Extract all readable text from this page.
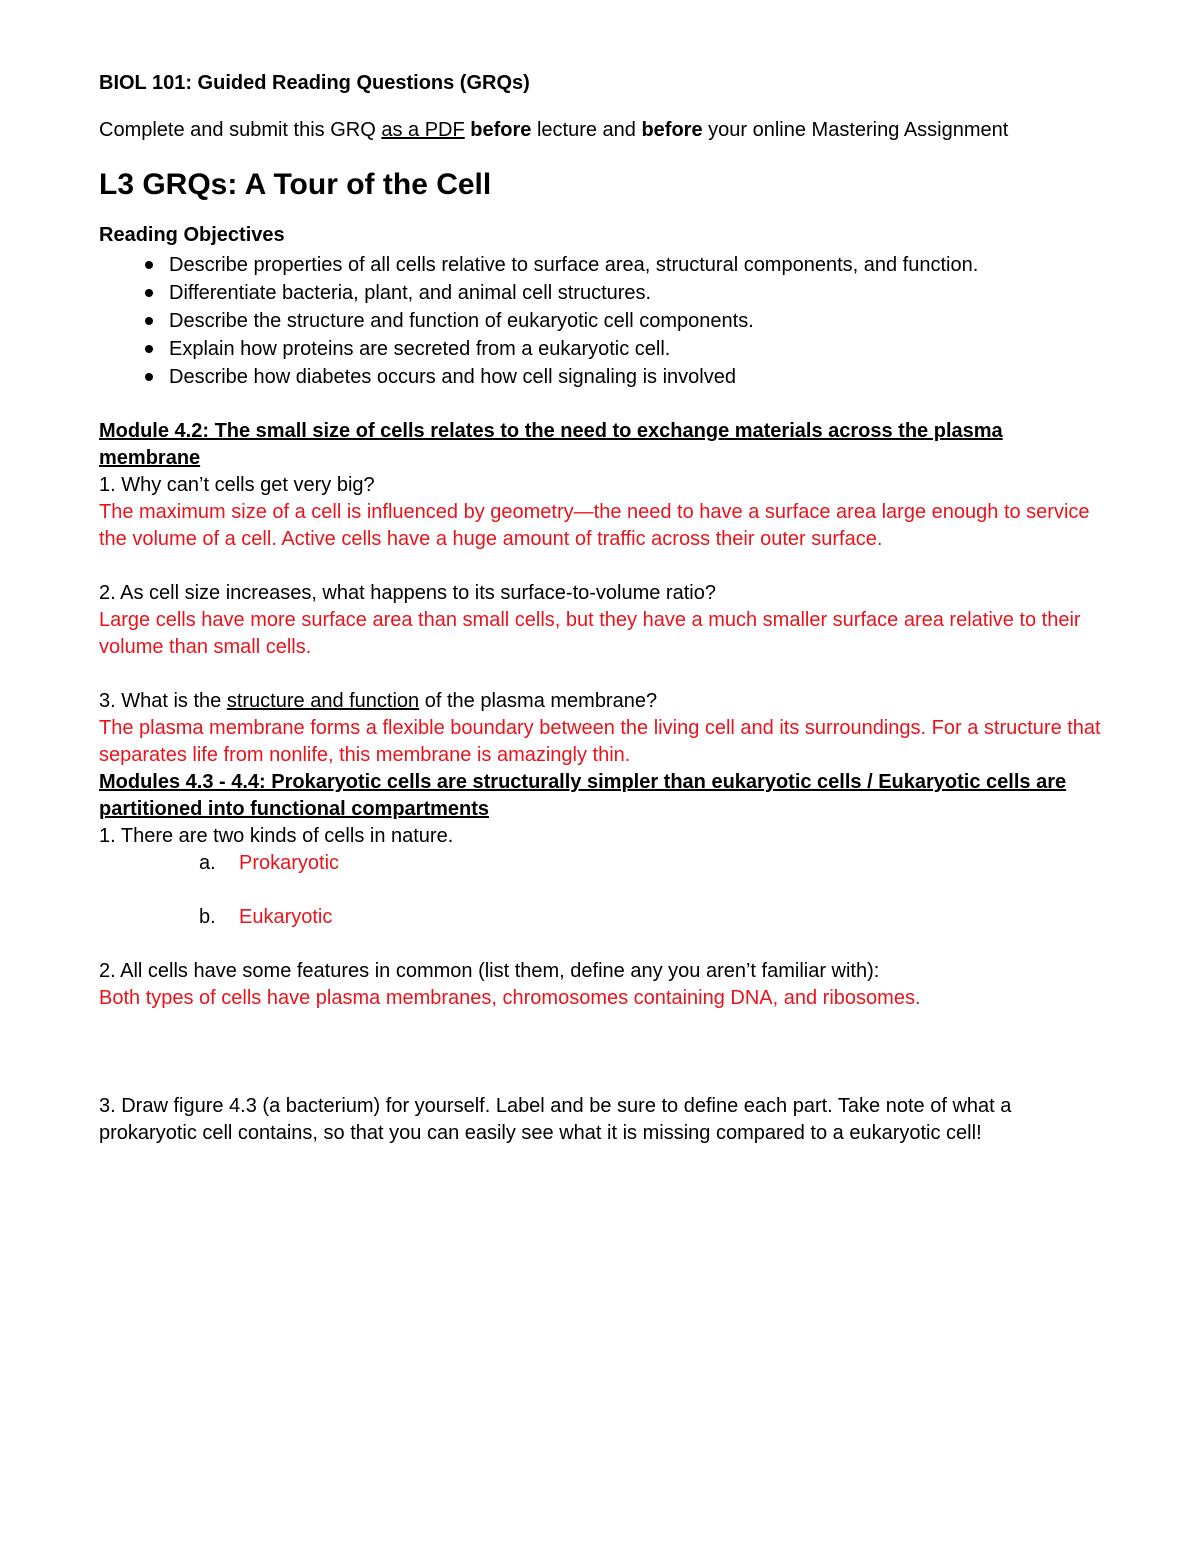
BIOL 101: Guided Reading Questions (GRQs)

Complete and submit this GRQ as a PDF before lecture and before your online Mastering Assignment

L3 GRQs: A Tour of the Cell

Reading Objectives

Describe properties of all cells relative to surface area, structural components, and function.
Differentiate bacteria, plant, and animal cell structures.
Describe the structure and function of eukaryotic cell components.
Explain how proteins are secreted from a eukaryotic cell.
Describe how diabetes occurs and how cell signaling is involved

Module 4.2: The small size of cells relates to the need to exchange materials across the plasma membrane

1. Why can’t cells get very big?

The maximum size of a cell is influenced by geometry—the need to have a surface area large enough to service the volume of a cell. Active cells have a huge amount of traffic across their outer surface.

2. As cell size increases, what happens to its surface-to-volume ratio?

Large cells have more surface area than small cells, but they have a much smaller surface area relative to their volume than small cells.

3. What is the structure and function of the plasma membrane?

The plasma membrane forms a flexible boundary between the living cell and its surroundings. For a structure that separates life from nonlife, this membrane is amazingly thin.

Modules 4.3 - 4.4: Prokaryotic cells are structurally simpler than eukaryotic cells / Eukaryotic cells are partitioned into functional compartments

1. There are two kinds of cells in nature.

a. Prokaryotic
b. Eukaryotic

2. All cells have some features in common (list them, define any you aren’t familiar with):

Both types of cells have plasma membranes, chromosomes containing DNA, and ribosomes.

3. Draw figure 4.3 (a bacterium) for yourself. Label and be sure to define each part. Take note of what a prokaryotic cell contains, so that you can easily see what it is missing compared to a eukaryotic cell!
